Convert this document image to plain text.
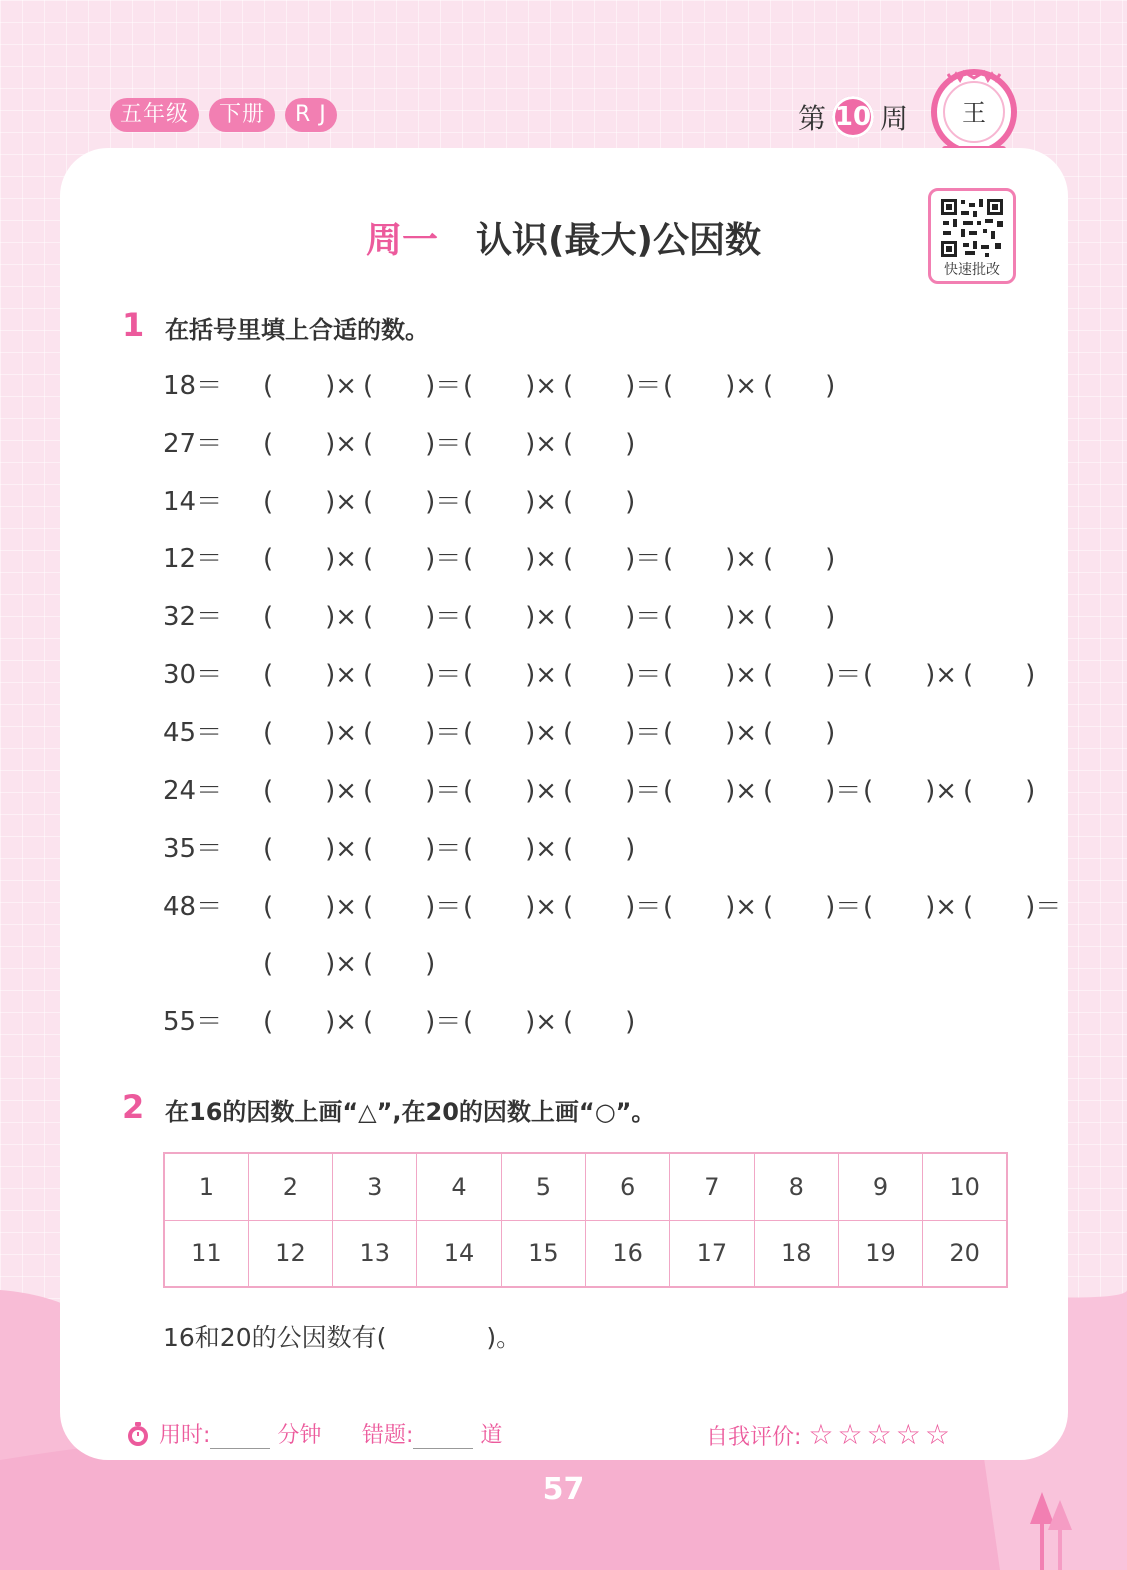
五年级	下册	R J	第 10 周 王
快速批改
周一 认识(最大)公因数
1 在括号里填上合适的数。
18＝ (　　)× (　　)＝ (　　)× (　　)＝ (　　)× (　　)
27＝ (　　)× (　　)＝ (　　)× (　　)
14＝ (　　)× (　　)＝ (　　)× (　　)
12＝ (　　)× (　　)＝ (　　)× (　　)＝ (　　)× (　　)
32＝ (　　)× (　　)＝ (　　)× (　　)＝ (　　)× (　　)
30＝ (　　)× (　　)＝ (　　)× (　　)＝ (　　)× (　　)＝ (　　)× (　　)
45＝ (　　)× (　　)＝ (　　)× (　　)＝ (　　)× (　　)
24＝ (　　)× (　　)＝ (　　)× (　　)＝ (　　)× (　　)＝ (　　)× (　　)
35＝ (　　)× (　　)＝ (　　)× (　　)
48＝ (　　)× (　　)＝ (　　)× (　　)＝ (　　)× (　　)＝ (　　)× (　　)＝
(　　)× (　　)
55＝ (　　)× (　　)＝ (　　)× (　　)
2 在16的因数上画“△”,在20的因数上画“○”。
1	2	3	4	5	6	7	8	9	10
11	12	13	14	15	16	17	18	19	20
16和20的公因数有(　　　　)。
用时:	分钟 错题:	道	自我评价: ☆☆☆☆☆
57
